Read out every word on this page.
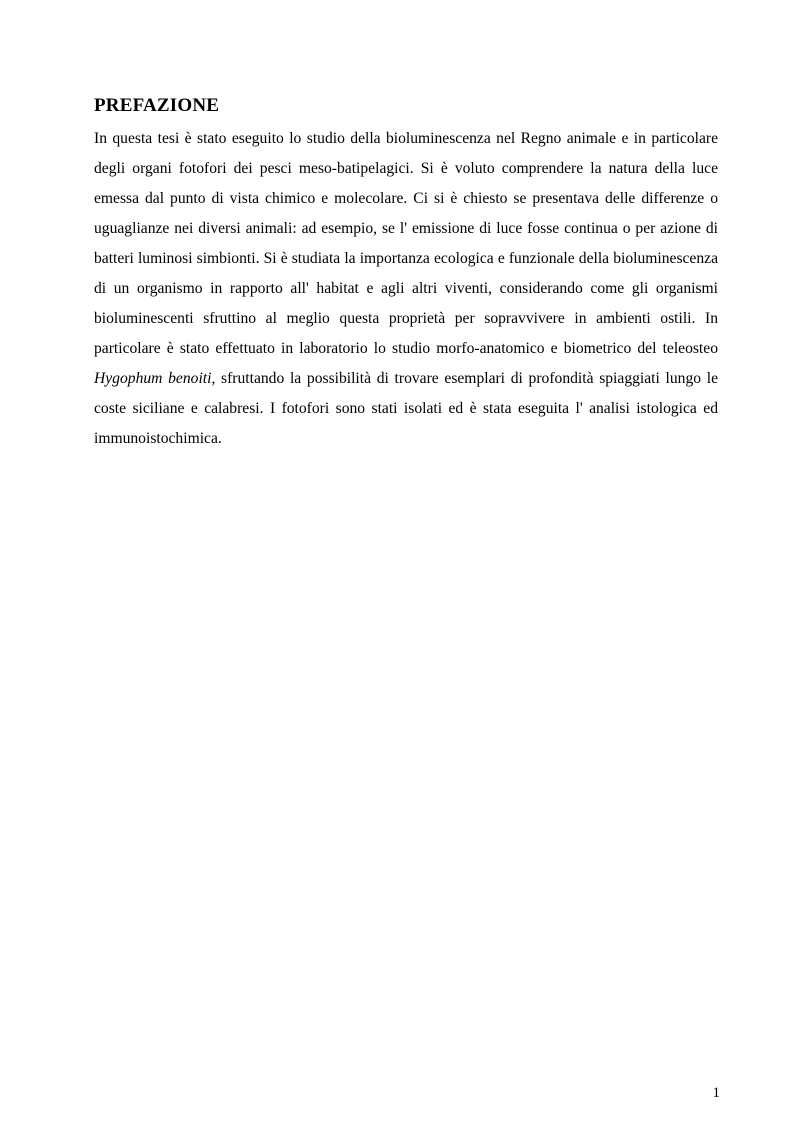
PREFAZIONE

In questa tesi è stato eseguito lo studio della bioluminescenza nel Regno animale e in particolare degli organi fotofori dei pesci meso-batipelagici. Si è voluto comprendere la natura della luce emessa dal punto di vista chimico e molecolare. Ci si è chiesto se presentava delle differenze o uguaglianze nei diversi animali: ad esempio, se l' emissione di luce fosse continua o per azione di batteri luminosi simbionti. Si è studiata la importanza ecologica e funzionale della bioluminescenza di un organismo in rapporto all' habitat e agli altri viventi, considerando come gli organismi bioluminescenti sfruttino al meglio questa proprietà per sopravvivere in ambienti ostili. In particolare è stato effettuato in laboratorio lo studio morfo-anatomico e biometrico del teleosteo Hygophum benoiti, sfruttando la possibilità di trovare esemplari di profondità spiaggiati lungo le coste siciliane e calabresi. I fotofori sono stati isolati ed è stata eseguita l' analisi istologica ed immunoistochimica.

1
